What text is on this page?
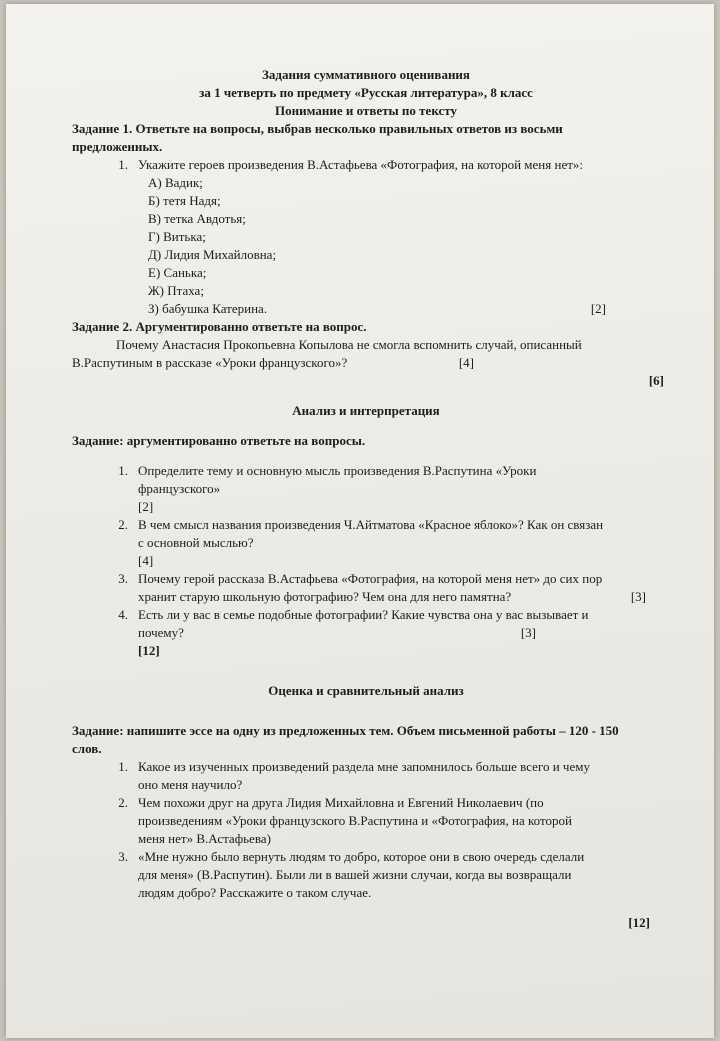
Задания суммативного оценивания
за 1 четверть по предмету «Русская литература», 8 класс
Понимание и ответы по тексту
Задание 1. Ответьте на вопросы, выбрав несколько правильных ответов из восьми предложенных.
1. Укажите героев произведения В.Астафьева «Фотография, на которой меня нет»:
А) Вадик;
Б) тетя Надя;
В) тетка Авдотья;
Г) Витька;
Д) Лидия Михайловна;
Е) Санька;
Ж) Птаха;
З) бабушка Катерина.	[2]
Задание 2. Аргументированно ответьте на вопрос.
Почему Анастасия Прокопьевна Копылова не смогла вспомнить случай, описанный
В.Распутиным в рассказе «Уроки французского»?	[4]
[6]
Анализ и интерпретация
Задание: аргументированно ответьте на вопросы.
1. Определите тему и основную мысль произведения В.Распутина «Уроки
французского»
[2]
2. В чем смысл названия произведения Ч.Айтматова «Красное яблоко»? Как он связан
с основной мыслью?
[4]
3. Почему герой рассказа В.Астафьева «Фотография, на которой меня нет» до сих пор
хранит старую школьную фотографию? Чем она для него памятна?	[3]
4. Есть ли у вас в семье подобные фотографии? Какие чувства она у вас вызывает и
почему?	[3]
[12]
Оценка и сравнительный анализ
Задание: напишите эссе на одну из предложенных тем. Объем письменной работы – 120 - 150 слов.
1. Какое из изученных произведений раздела мне запомнилось больше всего и чему
оно меня научило?
2. Чем похожи друг на друга Лидия Михайловна и Евгений Николаевич (по
произведениям «Уроки французского В.Распутина и «Фотография, на которой
меня нет» В.Астафьева)
3. «Мне нужно было вернуть людям то добро, которое они в свою очередь сделали
для меня» (В.Распутин). Были ли в вашей жизни случаи, когда вы возвращали
людям добро? Расскажите о таком случае.
[12]
